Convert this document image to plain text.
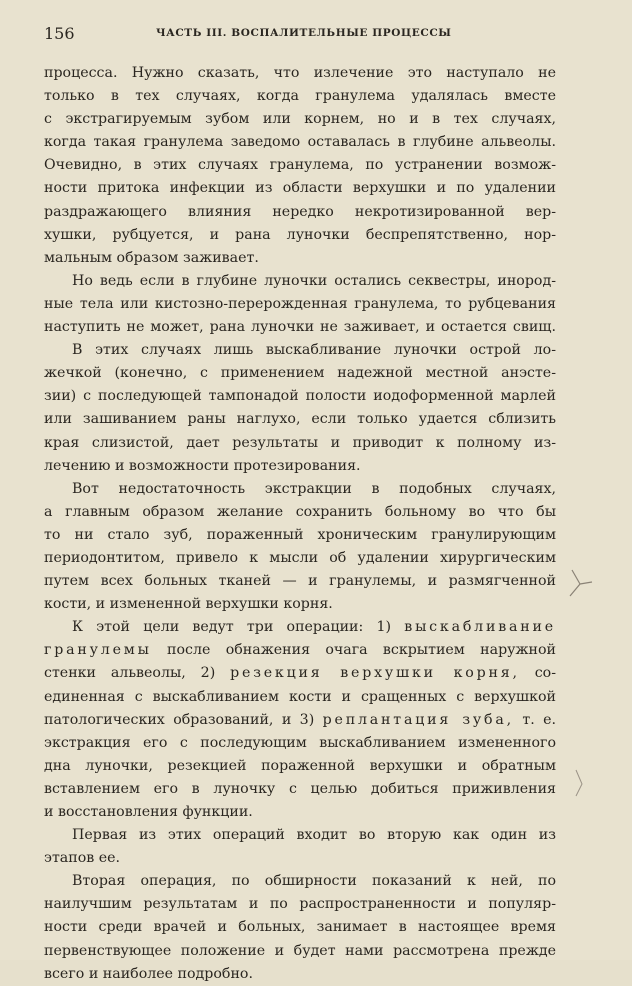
156	ЧАСТЬ III. ВОСПАЛИТЕЛЬНЫЕ ПРОЦЕССЫ
процесса. Нужно сказать, что излечение это наступало не
только в тех случаях, когда гранулема удалялась вместе
с экстрагируемым зубом или корнем, но и в тех случаях,
когда такая гранулема заведомо оставалась в глубине альвеолы.
Очевидно, в этих случаях гранулема, по устранении возмож-
ности притока инфекции из области верхушки и по удалении
раздражающего влияния нередко некротизированной вер-
хушки, рубцуется, и рана луночки беспрепятственно, нор-
мальным образом заживает.
Но ведь если в глубине луночки остались секвестры, инород-
ные тела или кистозно-перерожденная гранулема, то рубцевания
наступить не может, рана луночки не заживает, и остается свищ.
В этих случаях лишь выскабливание луночки острой ло-
жечкой (конечно, с применением надежной местной анэсте-
зии) с последующей тампонадой полости иодоформенной марлей
или зашиванием раны наглухо, если только удается сблизить
края слизистой, дает результаты и приводит к полному из-
лечению и возможности протезирования.
Вот недостаточность экстракции в подобных случаях,
а главным образом желание сохранить больному во что бы
то ни стало зуб, пораженный хроническим гранулирующим
периодонтитом, привело к мысли об удалении хирургическим
путем всех больных тканей — и гранулемы, и размягченной
кости, и измененной верхушки корня.
К этой цели ведут три операции: 1) выскабливание
гранулемы после обнажения очага вскрытием наружной
стенки альвеолы, 2) резекция верхушки корня, со-
единенная с выскабливанием кости и сращенных с верхушкой
патологических образований, и 3) реплантация зуба, т. е.
экстракция его с последующим выскабливанием измененного
дна луночки, резекцией пораженной верхушки и обратным
вставлением его в луночку с целью добиться приживления
и восстановления функции.
Первая из этих операций входит во вторую как один из
этапов ее.
Вторая операция, по обширности показаний к ней, по
наилучшим результатам и по распространенности и популяр-
ности среди врачей и больных, занимает в настоящее время
первенствующее положение и будет нами рассмотрена прежде
всего и наиболее подробно.
